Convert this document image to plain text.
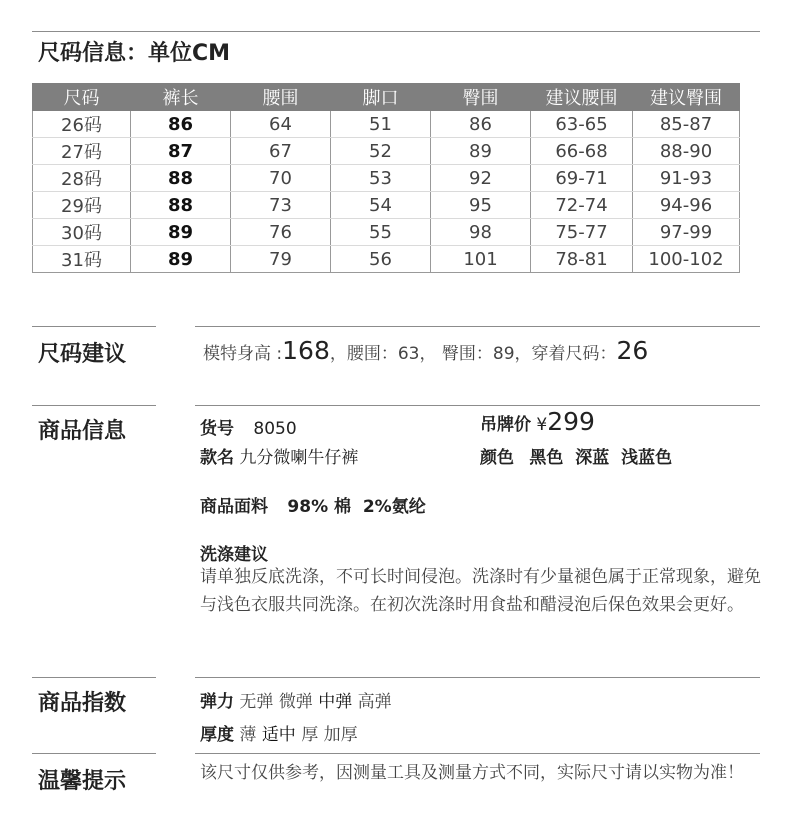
尺码信息：单位CM
尺码	裤长	腰围	脚口	臀围	建议腰围	建议臀围
26码	86	64	51	86	63-65	85-87
27码	87	67	52	89	66-68	88-90
28码	88	70	53	92	69-71	91-93
29码	88	73	54	95	72-74	94-96
30码	89	76	55	98	75-77	97-99
31码	89	79	56	101	78-81	100-102
尺码建议	模特身高 :168，腰围：63， 臀围：89，穿着尺码：26
商品信息	货号 8050	吊牌价 ¥299
款名 九分微喇牛仔裤	颜色 黑色  深蓝  浅蓝色
商品面料 98% 棉  2%氨纶
洗涤建议
请单独反底洗涤，不可长时间侵泡。洗涤时有少量褪色属于正常现象，避免与浅色衣服共同洗涤。在初次洗涤时用食盐和醋浸泡后保色效果会更好。
商品指数	弹力 无弹 微弹 中弹 高弹
厚度 薄 适中 厚 加厚
温馨提示	该尺寸仅供参考，因测量工具及测量方式不同，实际尺寸请以实物为准！
